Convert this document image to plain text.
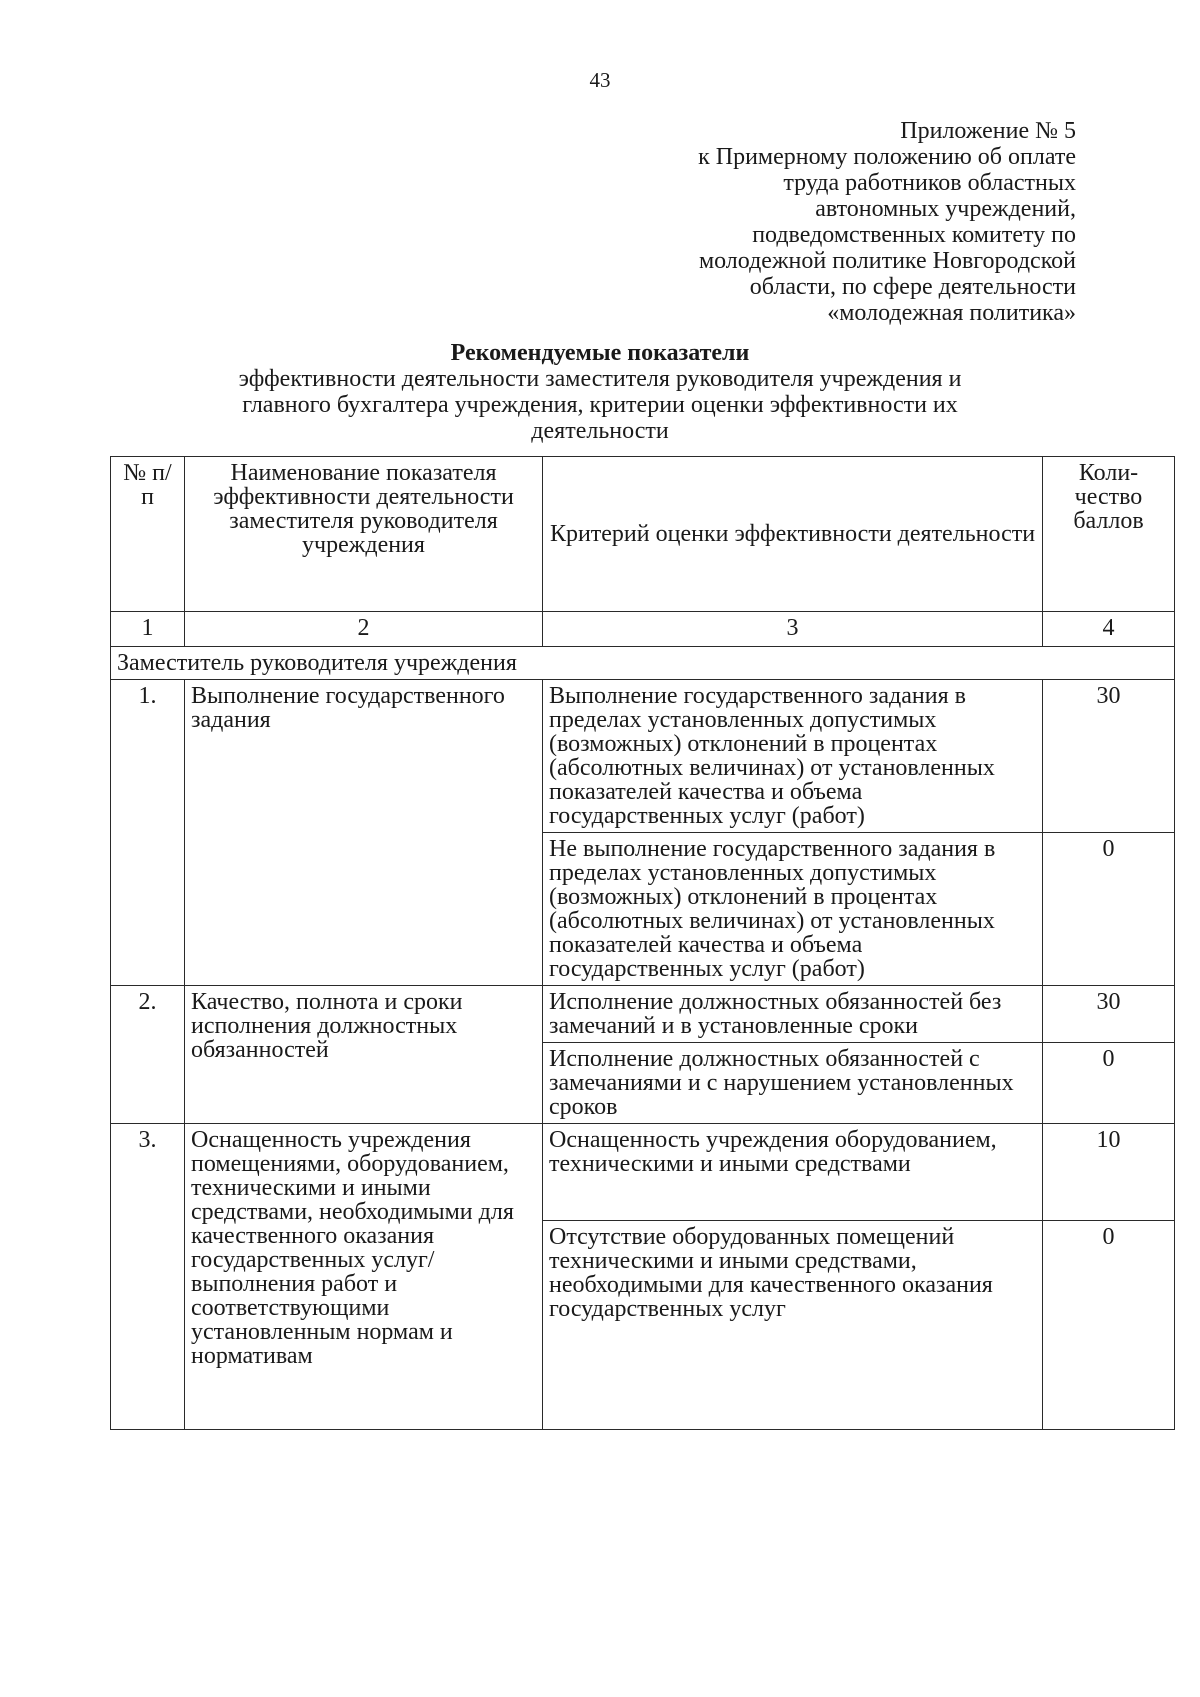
43
Приложение № 5
к Примерному положению об оплате
труда работников областных
автономных учреждений,
подведомственных комитету по
молодежной политике Новгородской
области, по сфере деятельности
«молодежная политика»
Рекомендуемые показатели
эффективности деятельности заместителя руководителя учреждения и
главного бухгалтера учреждения, критерии оценки эффективности их
деятельности
№ п/п	Наименование показателя эффективности деятельности заместителя руководителя учреждения	Критерий оценки эффективности деятельности	Коли-чество баллов
1	2	3	4
Заместитель руководителя учреждения			
1.	Выполнение государственного задания	Выполнение государственного задания в пределах установленных допустимых (возможных) отклонений в процентах (абсолютных величинах) от установленных показателей качества и объема государственных услуг (работ)	30
		Не выполнение государственного задания в пределах установленных допустимых (возможных) отклонений в процентах (абсолютных величинах) от установленных показателей качества и объема государственных услуг (работ)	0
2.	Качество, полнота и сроки исполнения должностных обязанностей	Исполнение должностных обязанностей без замечаний и в установленные сроки	30
		Исполнение должностных обязанностей с замечаниями и с нарушением установленных сроков	0
3.	Оснащенность учреждения помещениями, оборудованием, техническими и иными средствами, необходимыми для качественного оказания государственных услуг/ выполнения работ и соответствующими установленным нормам и нормативам	Оснащенность учреждения оборудованием, техническими и иными средствами	10
		Отсутствие оборудованных помещений техническими и иными средствами, необходимыми для качественного оказания государственных услуг	0
